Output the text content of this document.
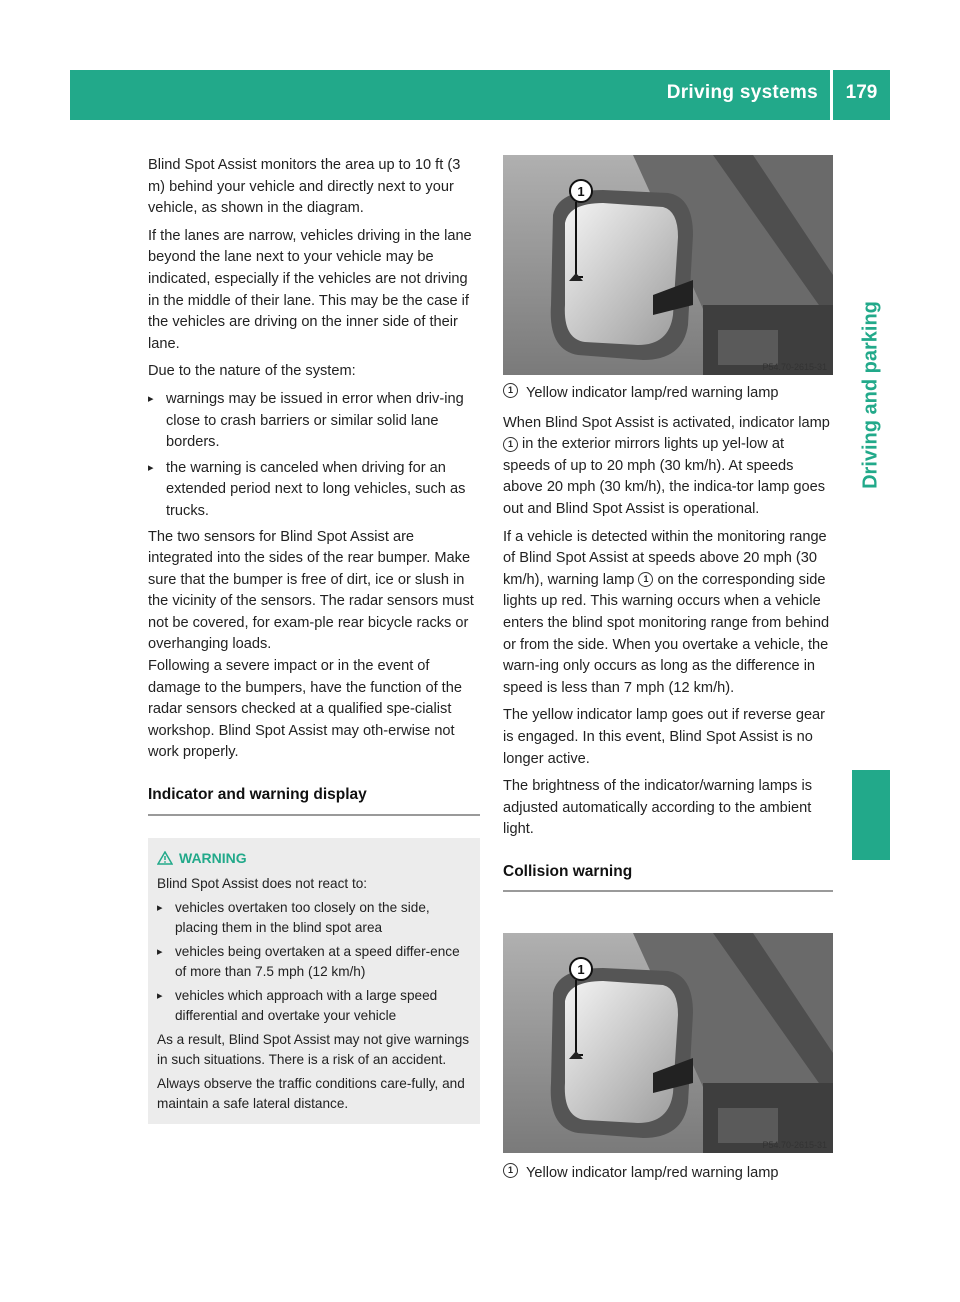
Driving systems	179
Driving and parking

Blind Spot Assist monitors the area up to 10 ft (3 m) behind your vehicle and directly next to your vehicle, as shown in the diagram.

If the lanes are narrow, vehicles driving in the lane beyond the lane next to your vehicle may be indicated, especially if the vehicles are not driving in the middle of their lane. This may be the case if the vehicles are driving on the inner side of their lane.

Due to the nature of the system:

▸ warnings may be issued in error when driv-ing close to crash barriers or similar solid lane borders.
▸ the warning is canceled when driving for an extended period next to long vehicles, such as trucks.

The two sensors for Blind Spot Assist are integrated into the sides of the rear bumper. Make sure that the bumper is free of dirt, ice or slush in the vicinity of the sensors. The radar sensors must not be covered, for exam-ple rear bicycle racks or overhanging loads.

Following a severe impact or in the event of damage to the bumpers, have the function of the radar sensors checked at a qualified spe-cialist workshop. Blind Spot Assist may oth-erwise not work properly.

Indicator and warning display
WARNING

Blind Spot Assist does not react to:

▸ vehicles overtaken too closely on the side, placing them in the blind spot area
▸ vehicles being overtaken at a speed differ-ence of more than 7.5 mph (12 km/h)
▸ vehicles which approach with a large speed differential and overtake your vehicle

As a result, Blind Spot Assist may not give warnings in such situations. There is a risk of an accident.

Always observe the traffic conditions care-fully, and maintain a safe lateral distance.

1
P54.70-2615-31
1 Yellow indicator lamp/red warning lamp

When Blind Spot Assist is activated, indicator lamp 1 in the exterior mirrors lights up yel-low at speeds of up to 20 mph (30 km/h). At speeds above 20 mph (30 km/h), the indica-tor lamp goes out and Blind Spot Assist is operational.

If a vehicle is detected within the monitoring range of Blind Spot Assist at speeds above 20 mph (30 km/h), warning lamp 1 on the corresponding side lights up red. This warning occurs when a vehicle enters the blind spot monitoring range from behind or from the side. When you overtake a vehicle, the warn-ing only occurs as long as the difference in speed is less than 7 mph (12 km/h).

The yellow indicator lamp goes out if reverse gear is engaged. In this event, Blind Spot Assist is no longer active.

The brightness of the indicator/warning lamps is adjusted automatically according to the ambient light.

Collision warning
1
P54.70-2615-31
1 Yellow indicator lamp/red warning lamp
